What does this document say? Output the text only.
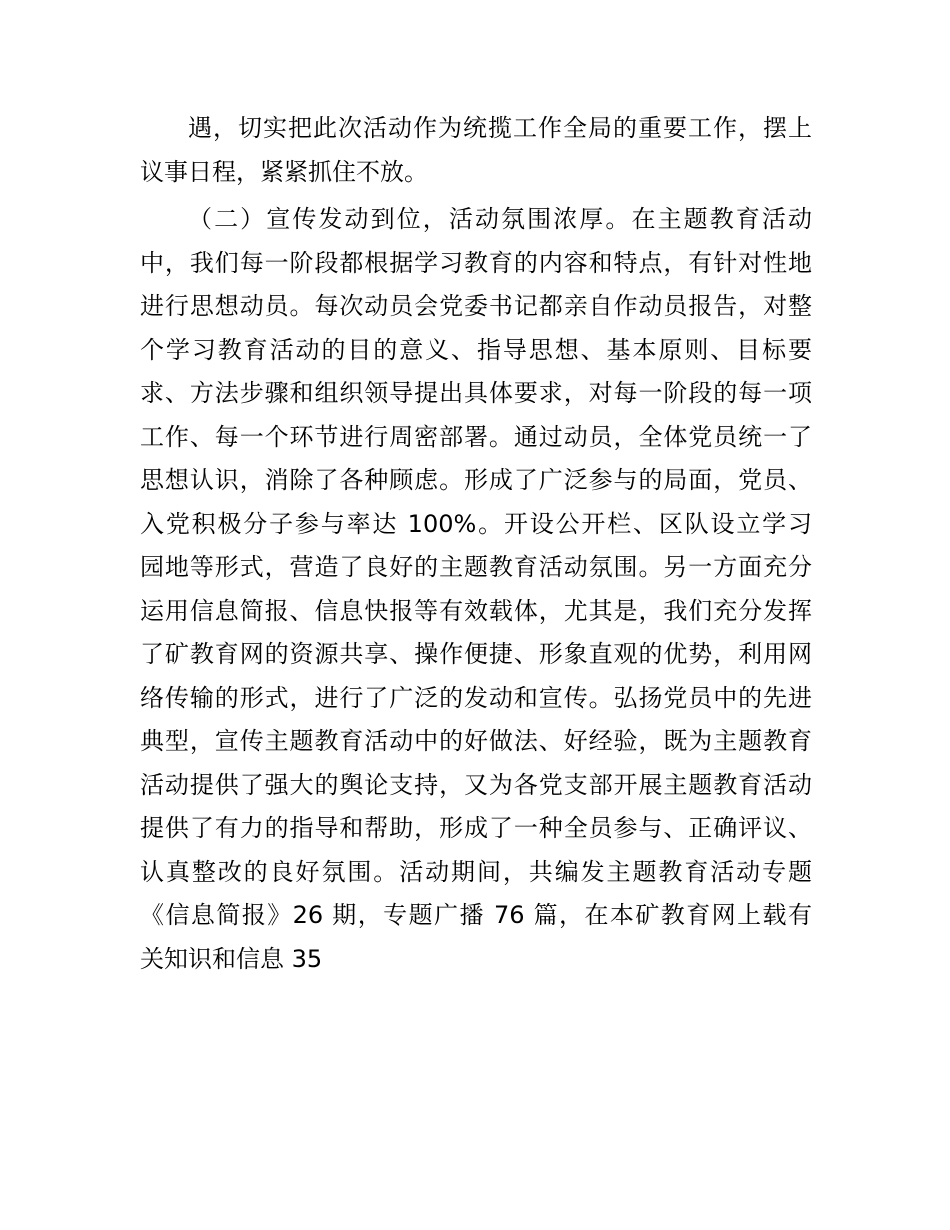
遇，切实把此次活动作为统揽工作全局的重要工作，摆上
议事日程，紧紧抓住不放。
（二）宣传发动到位，活动氛围浓厚。在主题教育活动
中，我们每一阶段都根据学习教育的内容和特点，有针对性地
进行思想动员。每次动员会党委书记都亲自作动员报告，对整
个学习教育活动的目的意义、指导思想、基本原则、目标要
求、方法步骤和组织领导提出具体要求，对每一阶段的每一项
工作、每一个环节进行周密部署。通过动员，全体党员统一了
思想认识，消除了各种顾虑。形成了广泛参与的局面，党员、
入党积极分子参与率达 100%。开设公开栏、区队设立学习
园地等形式，营造了良好的主题教育活动氛围。另一方面充分
运用信息简报、信息快报等有效载体，尤其是，我们充分发挥
了矿教育网的资源共享、操作便捷、形象直观的优势，利用网
络传输的形式，进行了广泛的发动和宣传。弘扬党员中的先进
典型，宣传主题教育活动中的好做法、好经验，既为主题教育
活动提供了强大的舆论支持，又为各党支部开展主题教育活动
提供了有力的指导和帮助，形成了一种全员参与、正确评议、
认真整改的良好氛围。活动期间，共编发主题教育活动专题
《信息简报》26 期，专题广播 76 篇，在本矿教育网上载有
关知识和信息 35
